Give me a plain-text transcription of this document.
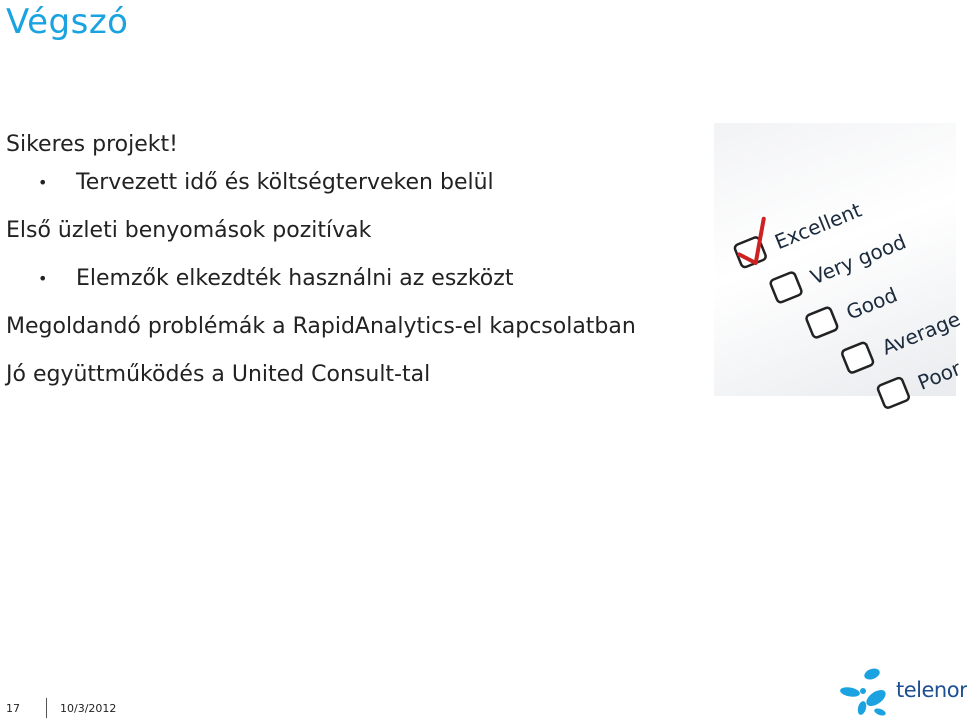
Végszó
Sikeres projekt!
• Tervezett idő és költségterveken belül
Első üzleti benyomások pozitívak
• Elemzők elkezdték használni az eszközt
Megoldandó problémák a RapidAnalytics-el kapcsolatban
Jó együttműködés a United Consult-tal
Excellent
Very good
Good
Average
Poor
17	10/3/2012
telenor
